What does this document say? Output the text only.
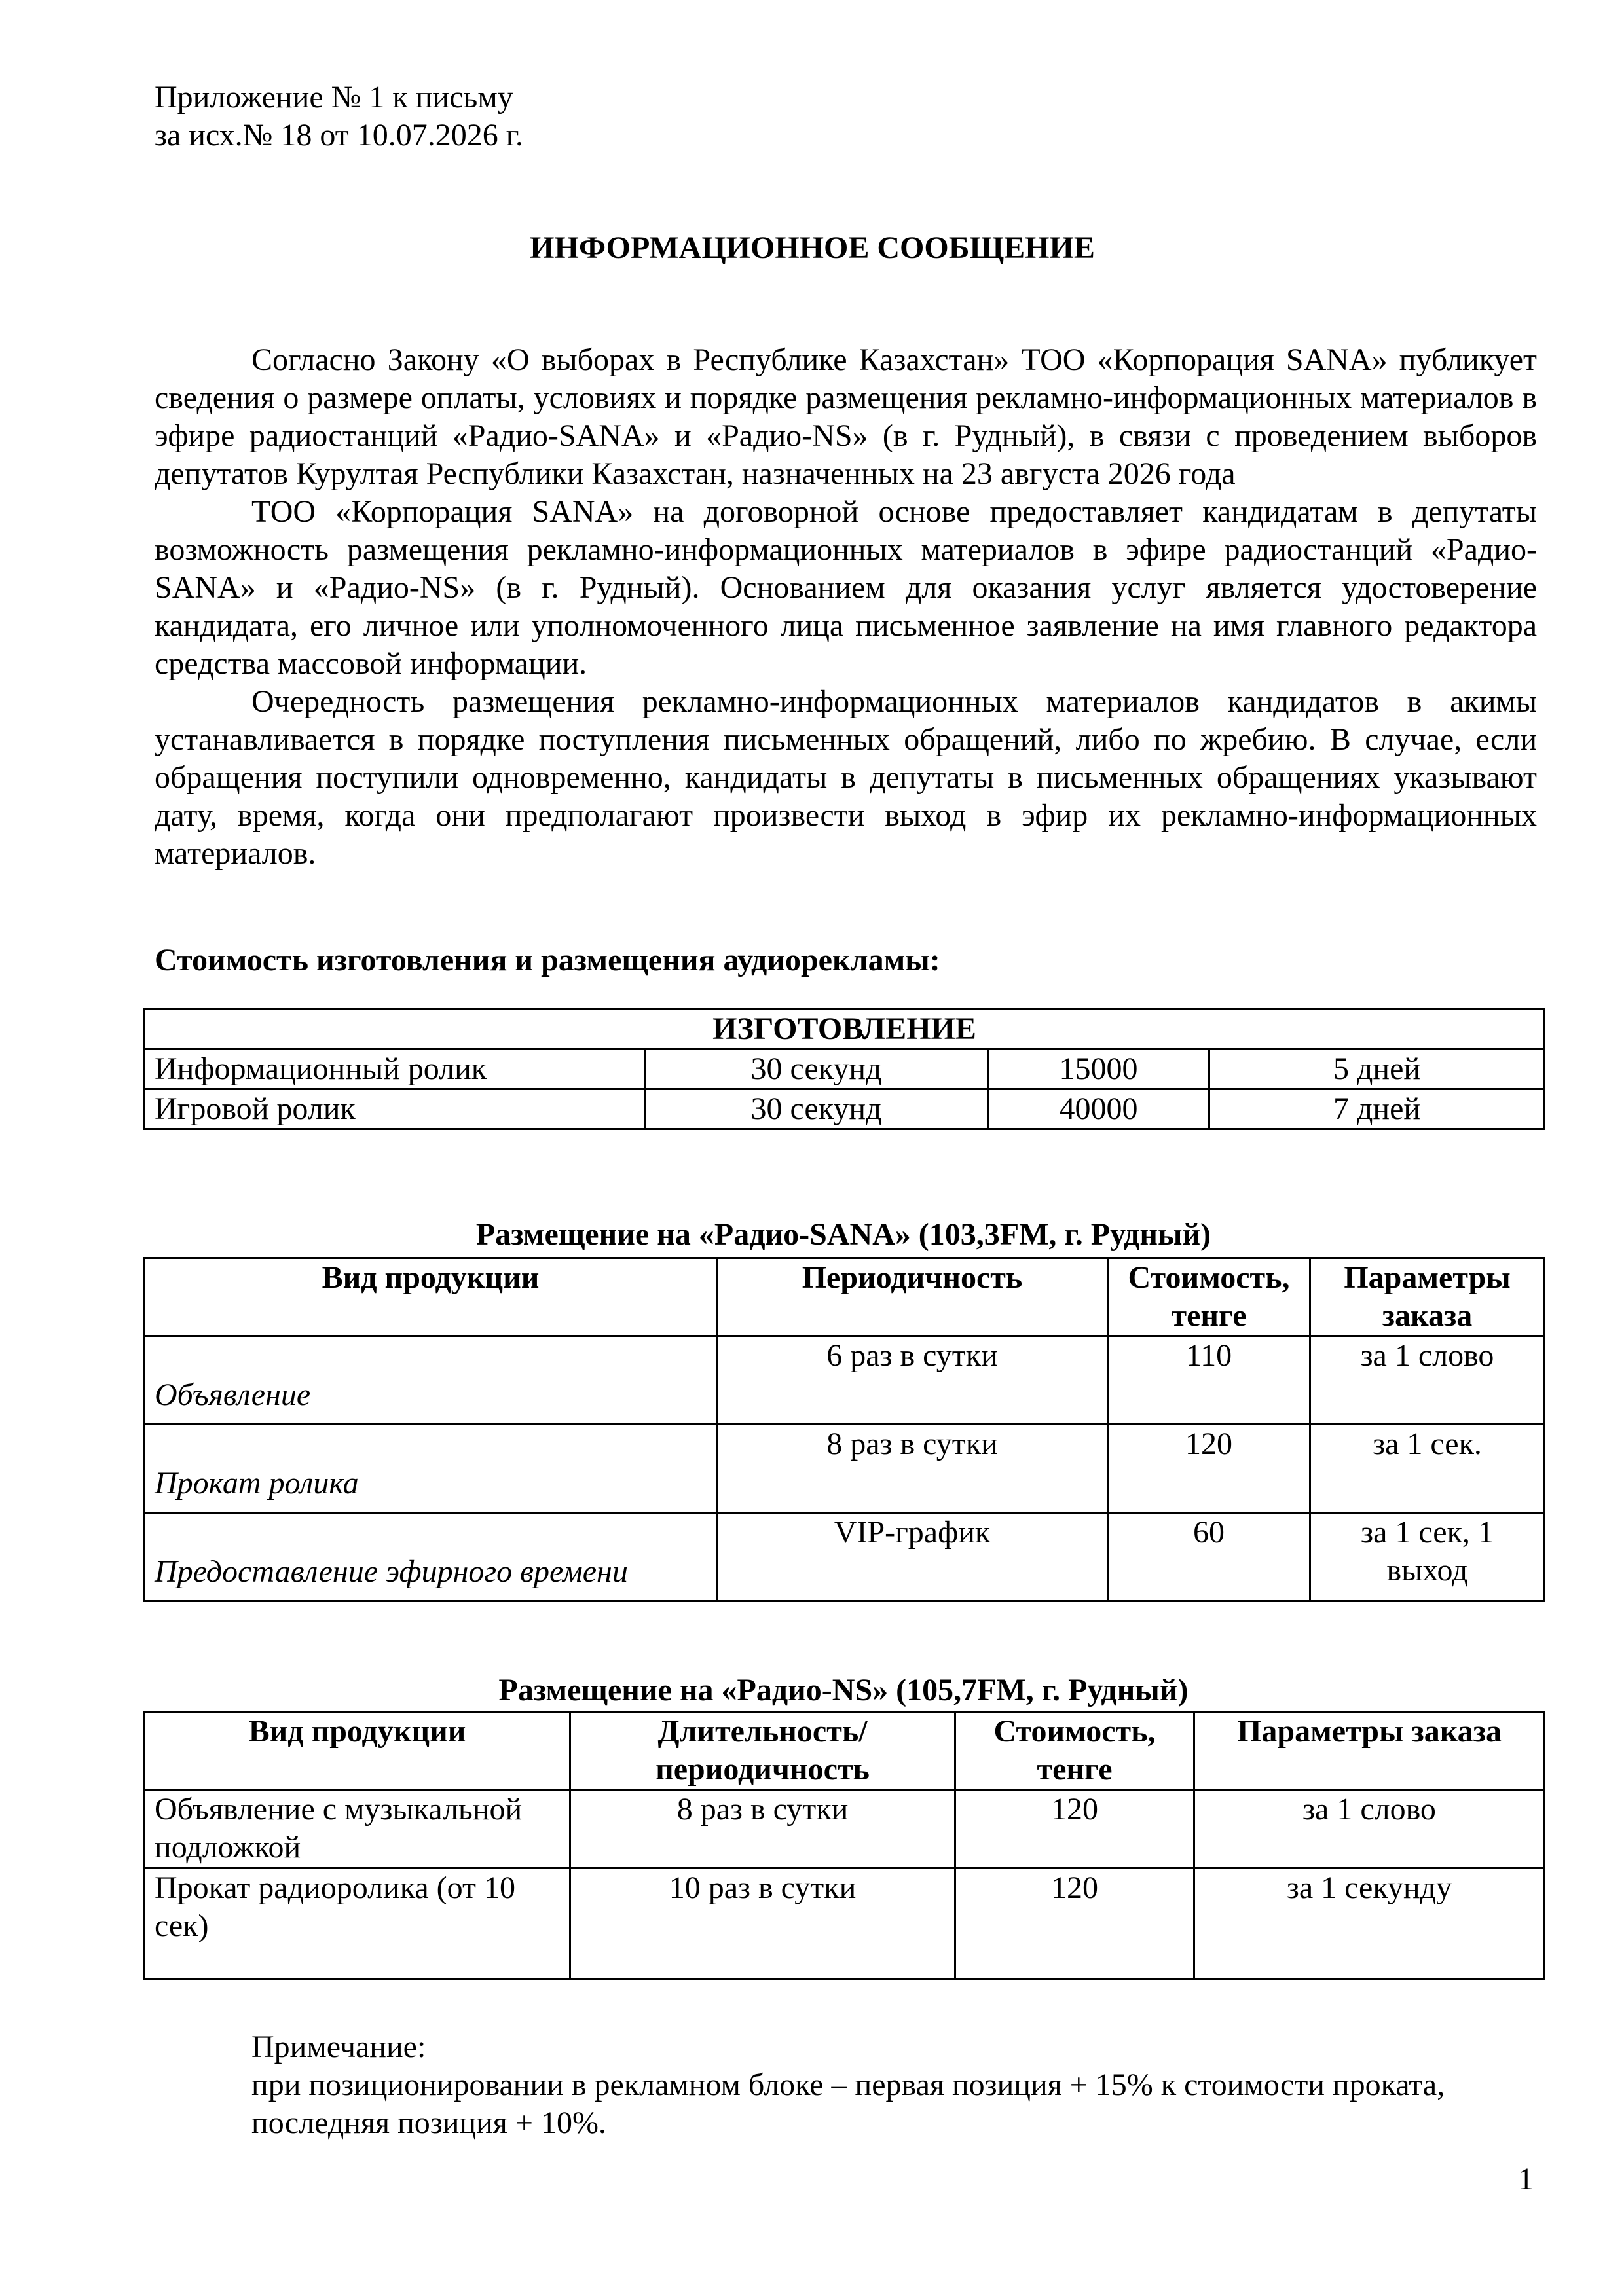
Приложение № 1 к письму
за исх.№ 18 от 10.07.2026 г.
ИНФОРМАЦИОННОЕ СООБЩЕНИЕ

Согласно Закону «О выборах в Республике Казахстан» ТОО «Корпорация SANA» публикует сведения о размере оплаты, условиях и порядке размещения рекламно-информационных материалов в эфире радиостанций «Радио-SANA» и «Радио-NS» (в г. Рудный), в связи с проведением выборов депутатов Курултая Республики Казахстан, назначенных на 23 августа 2026 года

ТОО «Корпорация SANA» на договорной основе предоставляет кандидатам в депутаты возможность размещения рекламно-информационных материалов в эфире радиостанций «Радио-SANA» и «Радио-NS» (в г. Рудный). Основанием для оказания услуг является удостоверение кандидата, его личное или уполномоченного лица письменное заявление на имя главного редактора средства массовой информации.

Очередность размещения рекламно-информационных материалов кандидатов в акимы устанавливается в порядке поступления письменных обращений, либо по жребию. В случае, если обращения поступили одновременно, кандидаты в депутаты в письменных обращениях указывают дату, время, когда они предполагают произвести выход в эфир их рекламно-информационных материалов.

Стоимость изготовления и размещения аудиорекламы:
ИЗГОТОВЛЕНИЕ			
Информационный ролик	30 секунд	15000	5 дней
Игровой ролик	30 секунд	40000	7 дней
Размещение на «Радио-SANA» (103,3FM, г. Рудный)
Вид продукции	Периодичность	Стоимость, тенге	Параметры заказа
Объявление	6 раз в сутки	110	за 1 слово
Прокат ролика	8 раз в сутки	120	за 1 сек.
Предоставление эфирного времени	VIP-график	60	за 1 сек, 1 выход
Размещение на «Радио-NS» (105,7FM, г. Рудный)
Вид продукции	Длительность/ периодичность	Стоимость, тенге	Параметры заказа
Объявление с музыкальной подложкой	8 раз в сутки	120	за 1 слово
Прокат радиоролика (от 10 сек)	10 раз в сутки	120	за 1 секунду
Примечание:
при позиционировании в рекламном блоке – первая позиция + 15% к стоимости проката,
последняя позиция + 10%.
1
